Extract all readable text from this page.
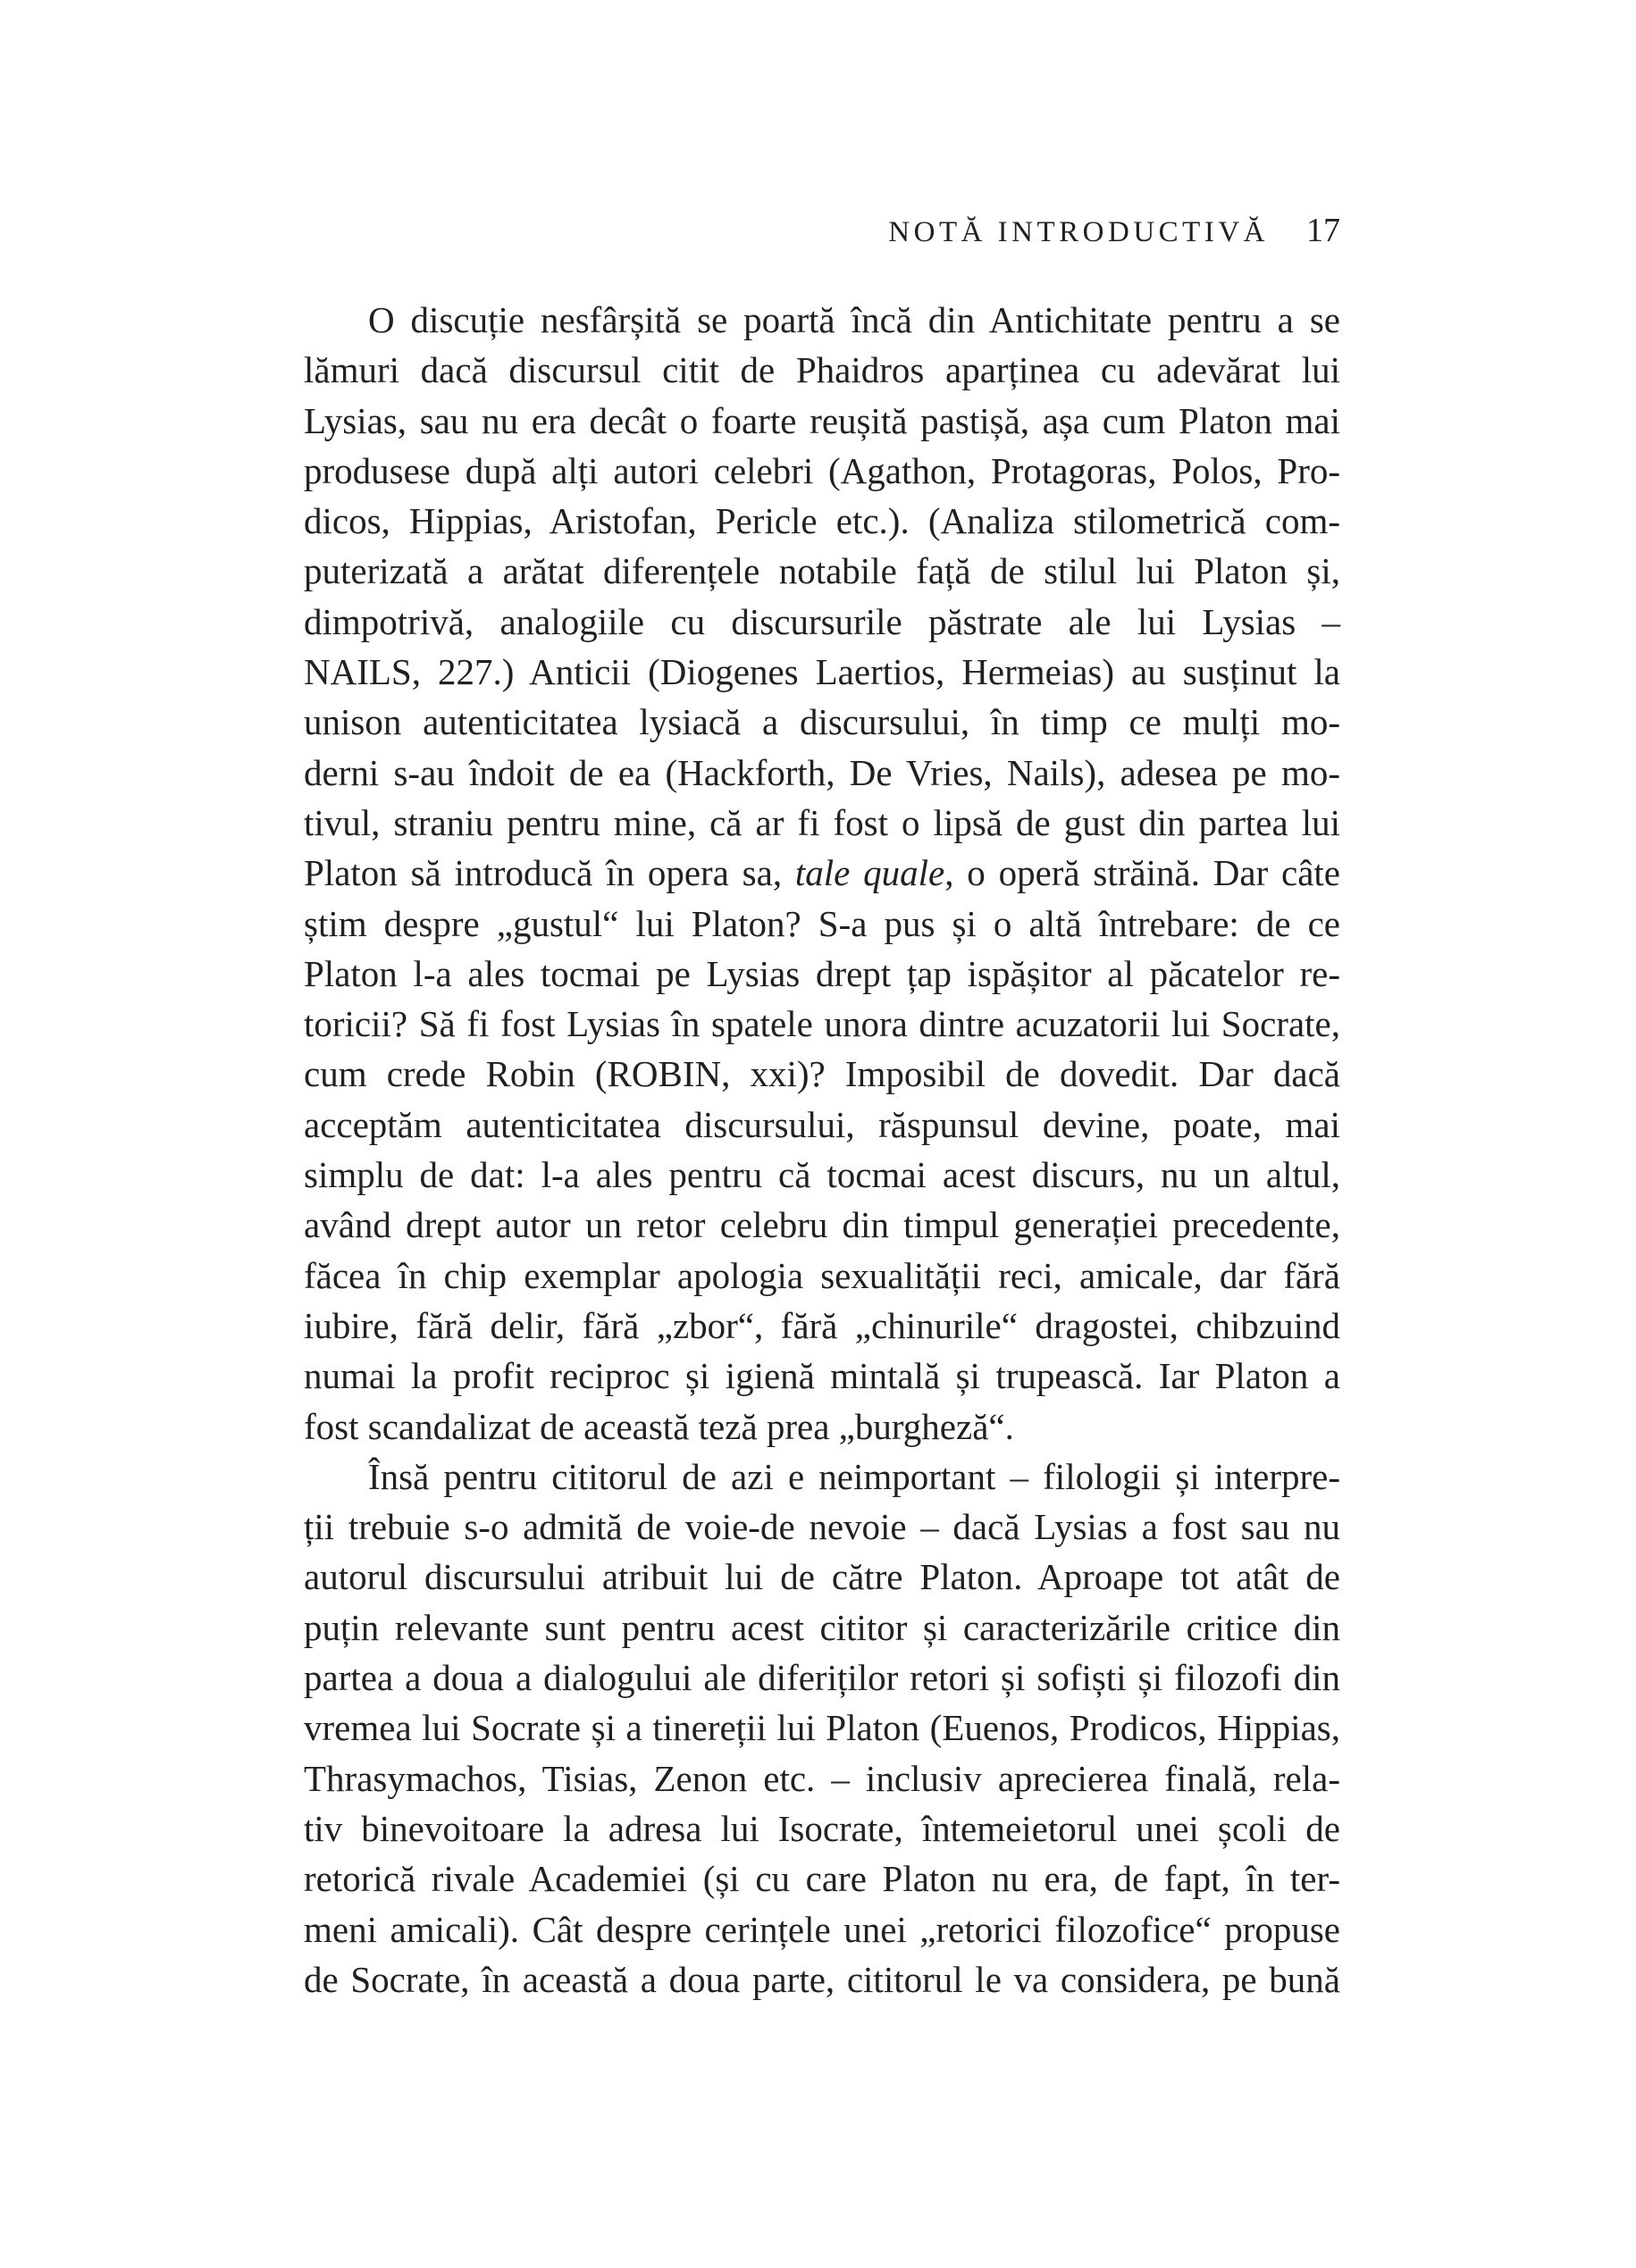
NOTĂ INTRODUCTIVĂ 17
O discuție nesfârșită se poartă încă din Antichitate pentru a se
lămuri dacă discursul citit de Phaidros aparținea cu adevărat lui
Lysias, sau nu era decât o foarte reușită pastișă, așa cum Platon mai
produsese după alți autori celebri (Agathon, Protagoras, Polos, Pro-
dicos, Hippias, Aristofan, Pericle etc.). (Analiza stilometrică com-
puterizată a arătat diferențele notabile față de stilul lui Platon și,
dimpotrivă, analogiile cu discursurile păstrate ale lui Lysias –
NAILS, 227.) Anticii (Diogenes Laertios, Hermeias) au susținut la
unison autenticitatea lysiacă a discursului, în timp ce mulți mo-
derni s-au îndoit de ea (Hackforth, De Vries, Nails), adesea pe mo-
tivul, straniu pentru mine, că ar fi fost o lipsă de gust din partea lui
Platon să introducă în opera sa, tale quale, o operă străină. Dar câte
știm despre „gustul“ lui Platon? S-a pus și o altă întrebare: de ce
Platon l-a ales tocmai pe Lysias drept țap ispășitor al păcatelor re-
toricii? Să fi fost Lysias în spatele unora dintre acuzatorii lui Socrate,
cum crede Robin (ROBIN, xxi)? Imposibil de dovedit. Dar dacă
acceptăm autenticitatea discursului, răspunsul devine, poate, mai
simplu de dat: l-a ales pentru că tocmai acest discurs, nu un altul,
având drept autor un retor celebru din timpul generației precedente,
făcea în chip exemplar apologia sexualității reci, amicale, dar fără
iubire, fără delir, fără „zbor“, fără „chinurile“ dragostei, chibzuind
numai la profit reciproc și igienă mintală și trupească. Iar Platon a
fost scandalizat de această teză prea „burgheză“.
Însă pentru cititorul de azi e neimportant – filologii și interpre-
ții trebuie s-o admită de voie-de nevoie – dacă Lysias a fost sau nu
autorul discursului atribuit lui de către Platon. Aproape tot atât de
puțin relevante sunt pentru acest cititor și caracterizările critice din
partea a doua a dialogului ale diferiților retori și sofiști și filozofi din
vremea lui Socrate și a tinereții lui Platon (Euenos, Prodicos, Hippias,
Thrasymachos, Tisias, Zenon etc. – inclusiv aprecierea finală, rela-
tiv binevoitoare la adresa lui Isocrate, întemeietorul unei școli de
retorică rivale Academiei (și cu care Platon nu era, de fapt, în ter-
meni amicali). Cât despre cerințele unei „retorici filozofice“ propuse
de Socrate, în această a doua parte, cititorul le va considera, pe bună
